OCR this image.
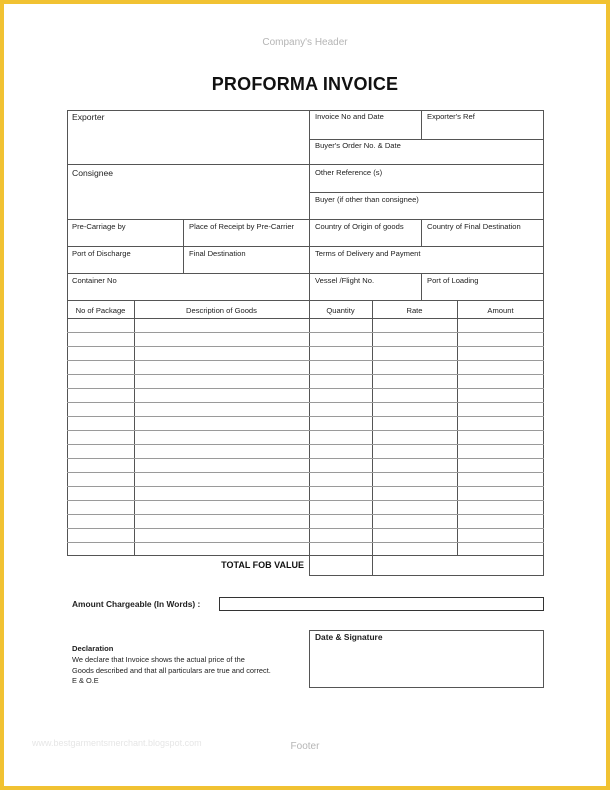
Company's Header
PROFORMA INVOICE
Exporter	Invoice No and Date	Exporter's Ref
Buyer's Order No. & Date
Consignee	Other Reference (s)
Buyer (if other than consignee)
Pre-Carriage by	Place of Receipt by Pre-Carrier	Country of Origin of goods	Country of Final Destination
Port of Discharge	Final Destination	Terms of Delivery and Payment
Container No	Vessel /Flight No.	Port of Loading
No of Package	Description of Goods	Quantity	Rate	Amount
TOTAL FOB VALUE
Amount Chargeable (In Words) :
Declaration
We declare that Invoice shows the actual price of the
Goods described and that all particulars are true and correct.
E & O.E
Date & Signature
www.bestgarmentsmerchant.blogspot.com	Footer
